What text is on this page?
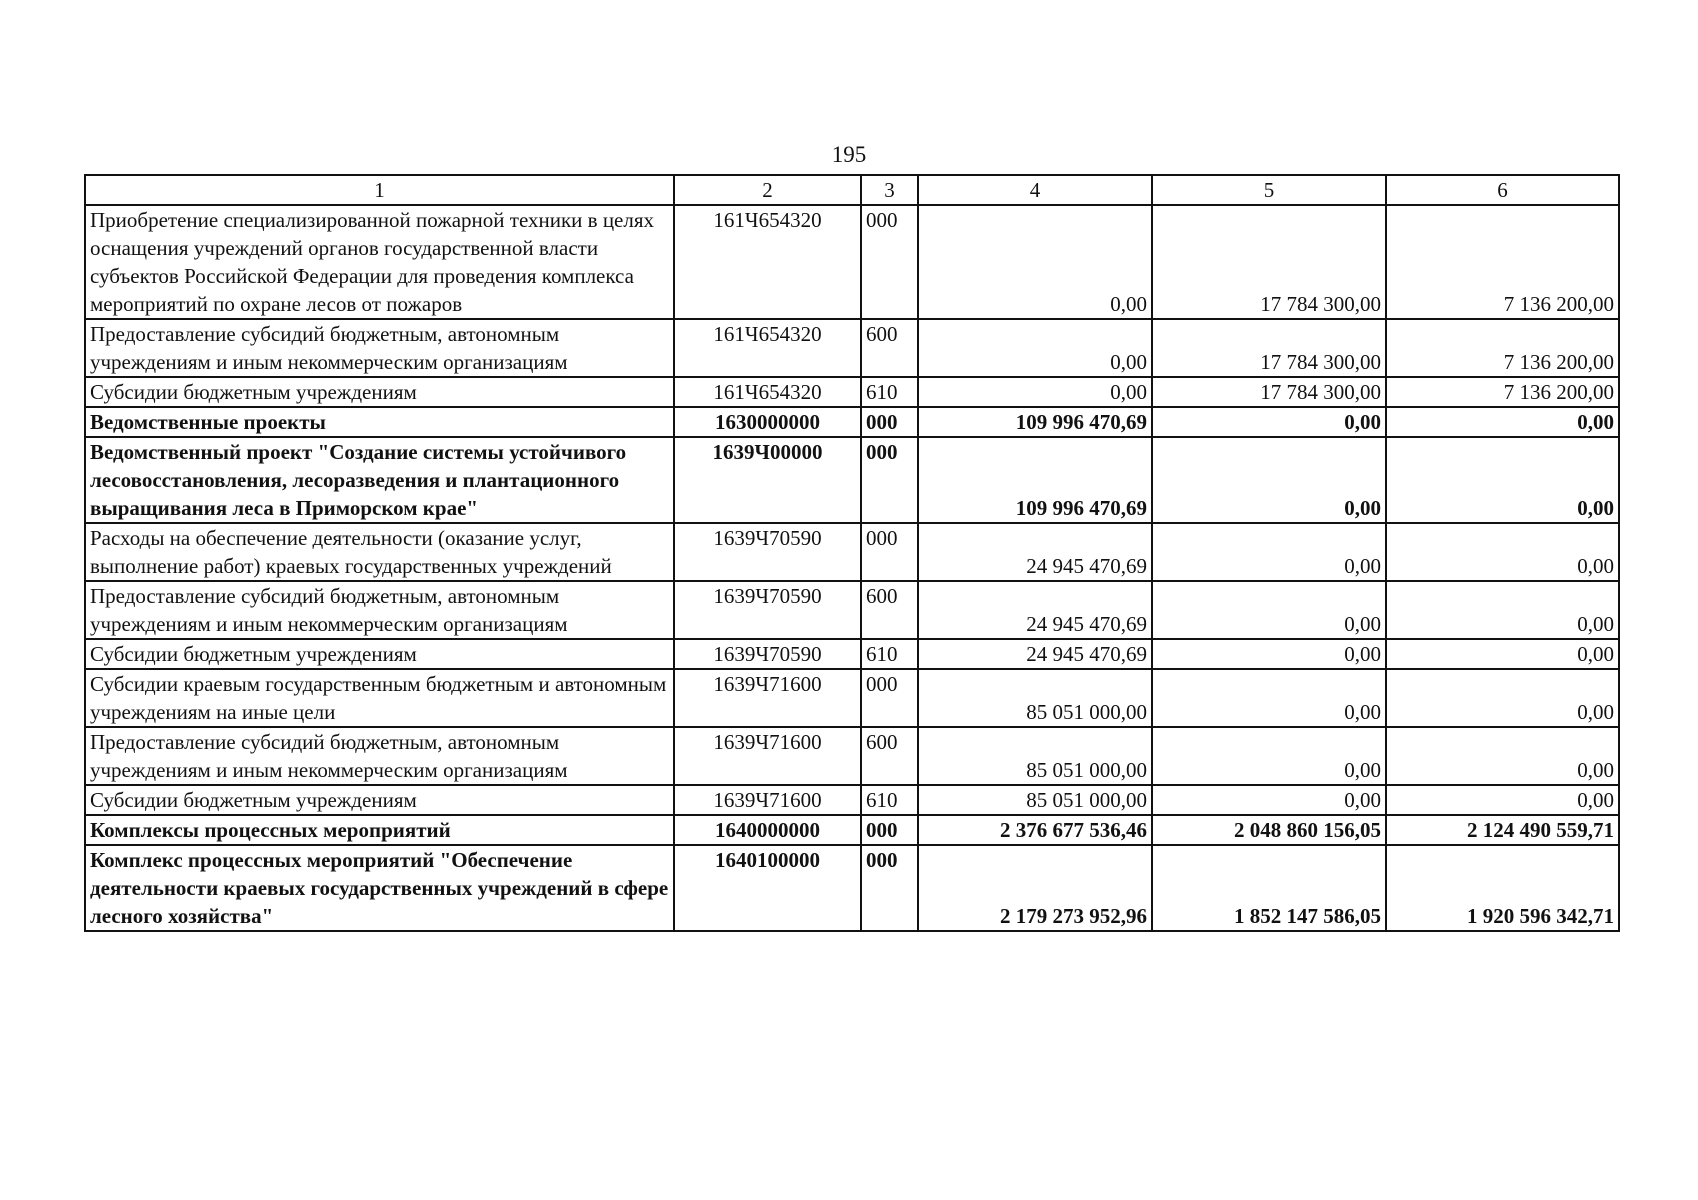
195
1	2	3	4	5	6
Приобретение специализированной пожарной техники в целях оснащения учреждений органов государственной власти субъектов Российской Федерации для проведения комплекса мероприятий по охране лесов от пожаров	161Ч654320	000	0,00	17 784 300,00	7 136 200,00
Предоставление субсидий бюджетным, автономным учреждениям и иным некоммерческим организациям	161Ч654320	600	0,00	17 784 300,00	7 136 200,00
Субсидии бюджетным учреждениям	161Ч654320	610	0,00	17 784 300,00	7 136 200,00
Ведомственные проекты	1630000000	000	109 996 470,69	0,00	0,00
Ведомственный проект "Создание системы устойчивого лесовосстановления, лесоразведения и плантационного выращивания леса в Приморском крае"	1639Ч00000	000	109 996 470,69	0,00	0,00
Расходы на обеспечение деятельности (оказание услуг, выполнение работ) краевых государственных учреждений	1639Ч70590	000	24 945 470,69	0,00	0,00
Предоставление субсидий бюджетным, автономным учреждениям и иным некоммерческим организациям	1639Ч70590	600	24 945 470,69	0,00	0,00
Субсидии бюджетным учреждениям	1639Ч70590	610	24 945 470,69	0,00	0,00
Субсидии краевым государственным бюджетным и автономным учреждениям на иные цели	1639Ч71600	000	85 051 000,00	0,00	0,00
Предоставление субсидий бюджетным, автономным учреждениям и иным некоммерческим организациям	1639Ч71600	600	85 051 000,00	0,00	0,00
Субсидии бюджетным учреждениям	1639Ч71600	610	85 051 000,00	0,00	0,00
Комплексы процессных мероприятий	1640000000	000	2 376 677 536,46	2 048 860 156,05	2 124 490 559,71
Комплекс процессных мероприятий "Обеспечение деятельности краевых государственных учреждений в сфере лесного хозяйства"	1640100000	000	2 179 273 952,96	1 852 147 586,05	1 920 596 342,71
